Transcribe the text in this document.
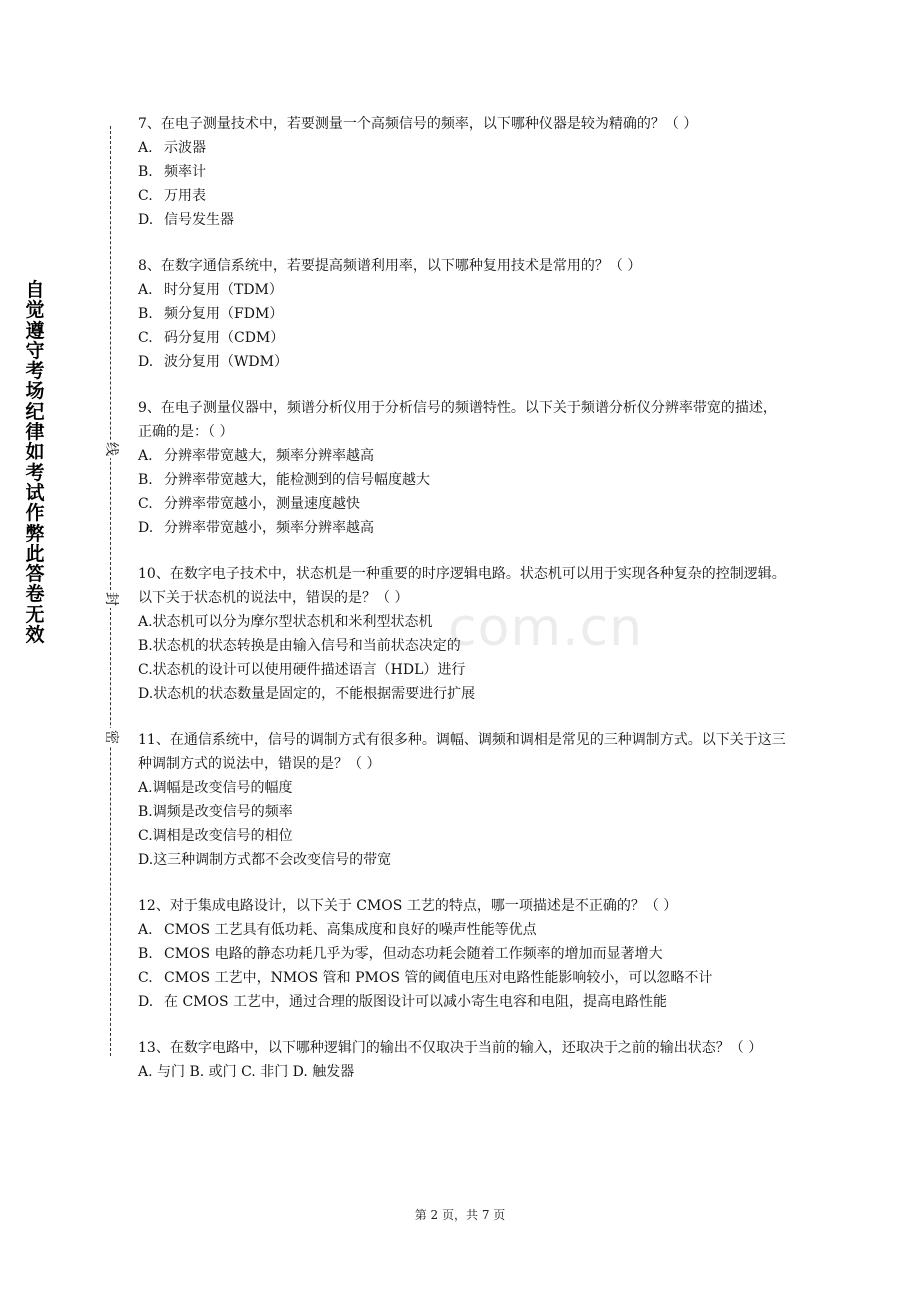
自
觉
遵
守
考
场
纪
律
如
考
试
作
弊
此
答
卷
无
效
线
封
密
com.cn

7、在电子测量技术中，若要测量一个高频信号的频率，以下哪种仪器是较为精确的？（ ）

A. 示波器

B. 频率计

C. 万用表

D. 信号发生器

8、在数字通信系统中，若要提高频谱利用率，以下哪种复用技术是常用的？（ ）

A. 时分复用（TDM）

B. 频分复用（FDM）

C. 码分复用（CDM）

D. 波分复用（WDM）

9、在电子测量仪器中，频谱分析仪用于分析信号的频谱特性。以下关于频谱分析仪分辨率带宽的描述，正确的是：（ ）

A. 分辨率带宽越大，频率分辨率越高

B. 分辨率带宽越大，能检测到的信号幅度越大

C. 分辨率带宽越小，测量速度越快

D. 分辨率带宽越小，频率分辨率越高

10、在数字电子技术中，状态机是一种重要的时序逻辑电路。状态机可以用于实现各种复杂的控制逻辑。以下关于状态机的说法中，错误的是？（ ）

A.状态机可以分为摩尔型状态机和米利型状态机

B.状态机的状态转换是由输入信号和当前状态决定的

C.状态机的设计可以使用硬件描述语言（HDL）进行

D.状态机的状态数量是固定的，不能根据需要进行扩展

11、在通信系统中，信号的调制方式有很多种。调幅、调频和调相是常见的三种调制方式。以下关于这三种调制方式的说法中，错误的是？（ ）

A.调幅是改变信号的幅度

B.调频是改变信号的频率

C.调相是改变信号的相位

D.这三种调制方式都不会改变信号的带宽

12、对于集成电路设计，以下关于 CMOS 工艺的特点，哪一项描述是不正确的？（ ）

A. CMOS 工艺具有低功耗、高集成度和良好的噪声性能等优点

B. CMOS 电路的静态功耗几乎为零，但动态功耗会随着工作频率的增加而显著增大

C. CMOS 工艺中，NMOS 管和 PMOS 管的阈值电压对电路性能影响较小，可以忽略不计

D. 在 CMOS 工艺中，通过合理的版图设计可以减小寄生电容和电阻，提高电路性能

13、在数字电路中，以下哪种逻辑门的输出不仅取决于当前的输入，还取决于之前的输出状态？（ ）

A. 与门 B. 或门 C. 非门 D. 触发器

第 2 页，共 7 页
